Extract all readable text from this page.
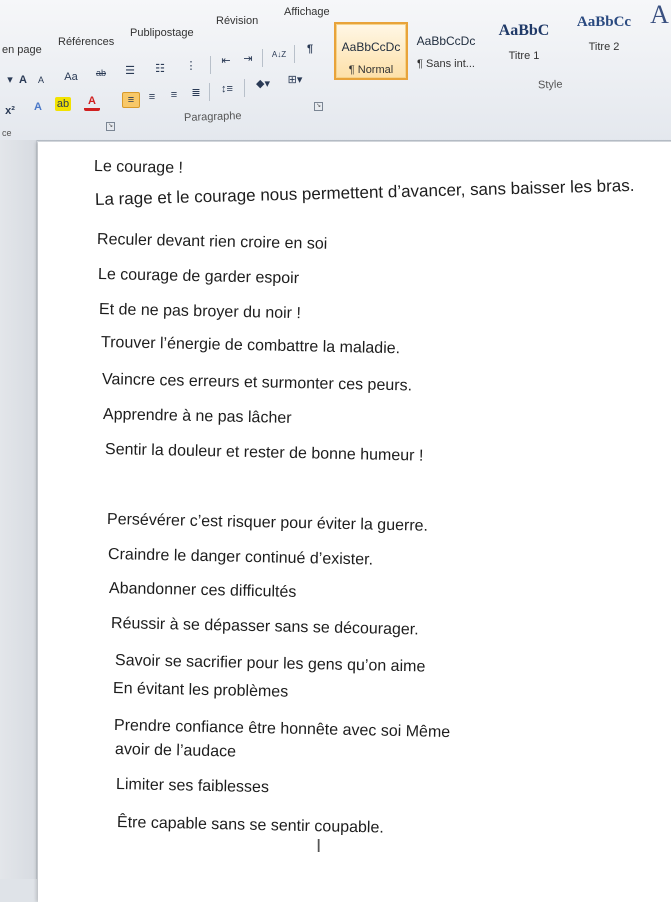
en page
Références
Publipostage
Révision
Affichage
▾ A	A	Aa	ab
x²	A	ab	A
ce
↘
☰ ☷ ⋮	⇤	⇥	A↓Z	¶
≡	≡	≡	≣	↕≡	◆▾	⊞▾
Paragraphe
↘
AaBbCcDc
¶ Normal
AaBbCcDc
¶ Sans int...
AaBbC
Titre 1
AaBbCc
Titre 2
A
Style
Le courage !
La rage et le courage nous permettent d’avancer, sans baisser les bras.
Reculer devant rien croire en soi
Le courage de garder espoir
Et de ne pas broyer du noir !
Trouver l’énergie de combattre la maladie.
Vaincre ces erreurs et surmonter ces peurs.
Apprendre à ne pas lâcher
Sentir la douleur et rester de bonne humeur !
Persévérer c’est risquer pour éviter la guerre.
Craindre le danger continué d’exister.
Abandonner ces difficultés
Réussir à se dépasser sans se décourager.
Savoir se sacrifier pour les gens qu’on aime
En évitant les problèmes
Prendre confiance être honnête avec soi Même
avoir de l’audace
Limiter ses faiblesses
Être capable sans se sentir coupable.
I
